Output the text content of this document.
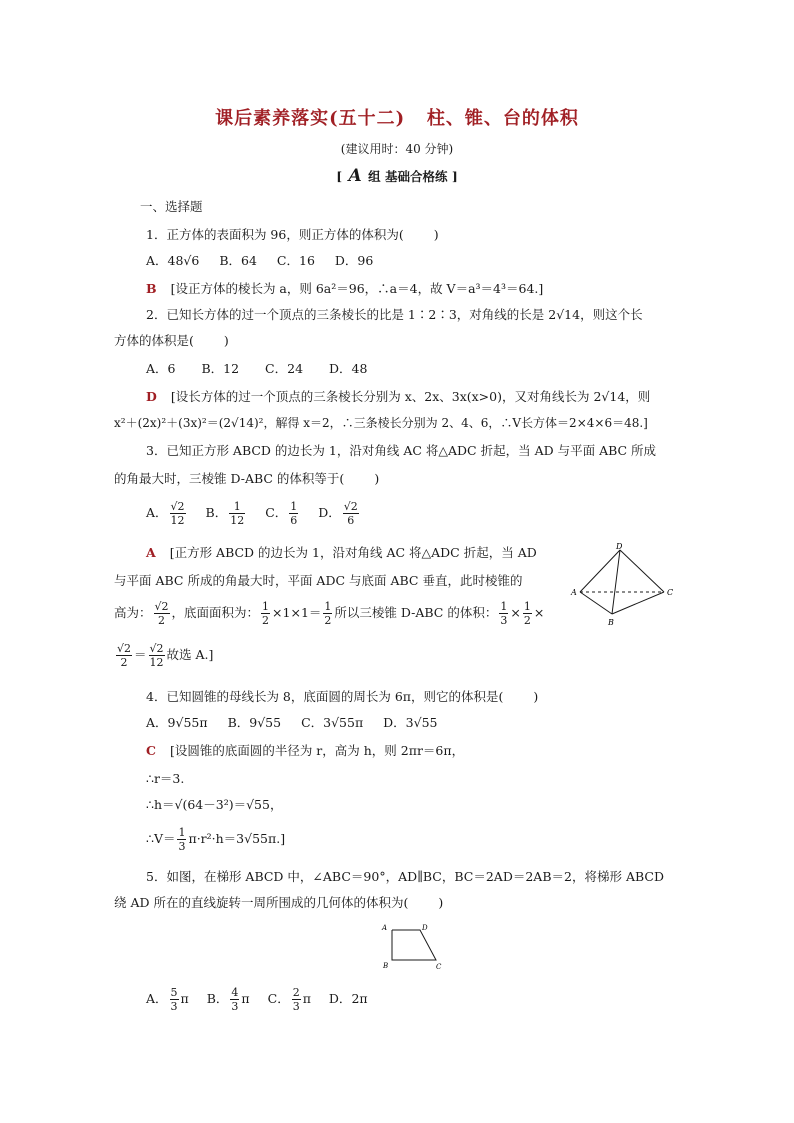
课后素养落实(五十二)   柱、锥、台的体积
(建议用时：40 分钟)
[ A 组 基础合格练 ]
一、选择题
1．正方体的表面积为 96，则正方体的体积为( )
A．48√6 B．64 C．16 D．96
B [设正方体的棱长为 a，则 6a²＝96，∴a＝4，故 V＝a³＝4³＝64.]
2．已知长方体的过一个顶点的三条棱长的比是 1∶2∶3，对角线的长是 2√14，则这个长
方体的体积是( )
A．6 B．12 C．24 D．48
D [设长方体的过一个顶点的三条棱长分别为 x、2x、3x(x>0)，又对角线长为 2√14，则
x²＋(2x)²＋(3x)²＝(2√14)²，解得 x＝2，∴三条棱长分别为 2、4、6，∴V长方体＝2×4×6＝48.]
3．已知正方形 ABCD 的边长为 1，沿对角线 AC 将△ADC 折起，当 AD 与平面 ABC 所成
的角最大时，三棱锥 D-ABC 的体积等于( )
A． $\frac{√2}{12}$ B． $\frac{1}{12}$ C． $\frac{1}{6}$ D． $\frac{√2}{6}$
A [正方形 ABCD 的边长为 1，沿对角线 AC 将△ADC 折起，当 AD
与平面 ABC 所成的角最大时，平面 ADC 与底面 ABC 垂直，此时棱锥的
高为： $\frac{√2}{2}$ ，底面面积为： $\frac{1}{2} \times 1\times 1= \frac{1}{2}$ 所以三棱锥 D-ABC 的体积： $\frac{1}{3} \times \frac{1}{2}$ ×
$\frac{√2}{2} = \frac{√2}{12}$ 故选 A.]
D
A	C
B
4．已知圆锥的母线长为 8，底面圆的周长为 6π，则它的体积是( )
A．9√55π B．9√55 C．3√55π D．3√55
C [设圆锥的底面圆的半径为 r，高为 h，则 2πr＝6π，
∴r＝3.
∴h＝√(64－3²)＝√55，
∴V＝ $\frac{1}{3} \pi\cdot r^2\cdot h=3√55\pi$.]
5．如图，在梯形 ABCD 中，∠ABC＝90°，AD∥BC，BC＝2AD＝2AB＝2，将梯形 ABCD
绕 AD 所在的直线旋转一周所围成的几何体的体积为( )
A	D
B	C
A． $\frac{5}{3}$ π B． $\frac{4}{3}$ π C． $\frac{2}{3}$ π D．2π
